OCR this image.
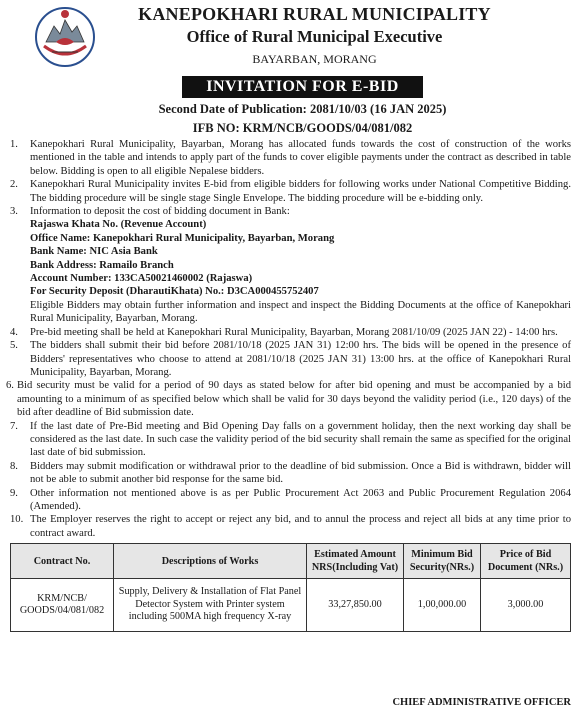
KANEPOKHARI RURAL MUNICIPALITY
Office of Rural Municipal Executive
BAYARBAN, MORANG
INVITATION FOR E-BID
Second Date of Publication: 2081/10/03 (16 JAN 2025)
IFB NO: KRM/NCB/GOODS/04/081/082
1.	Kanepokhari Rural Municipality, Bayarban, Morang has allocated funds towards the cost of construction of the works mentioned in the table and intends to apply part of the funds to cover eligible payments under the contract as described in table below. Bidding is open to all eligible Nepalese bidders.
2.	Kanepokhari Rural Municipality invites E-bid from eligible bidders for following works under National Competitive Bidding. The bidding procedure will be single stage Single Envelope. The bidding procedure will be e-bidding only.
3.	Information to deposit the cost of bidding document in Bank:
Rajaswa Khata No. (Revenue Account)
Office Name: Kanepokhari Rural Municipality, Bayarban, Morang
Bank Name: NIC Asia Bank
Bank Address: Ramailo Branch
Account Number: 133CA50021460002 (Rajaswa)
For Security Deposit (DharautiKhata) No.: D3CA000455752407
Eligible Bidders may obtain further information and inspect and inspect the Bidding Documents at the office of Kanepokhari Rural Municipality, Bayarban, Morang.
4.	Pre-bid meeting shall be held at Kanepokhari Rural Municipality, Bayarban, Morang 2081/10/09 (2025 JAN 22) - 14:00 hrs.
5.	The bidders shall submit their bid before 2081/10/18 (2025 JAN 31) 12:00 hrs. The bids will be opened in the presence of Bidders' representatives who choose to attend at 2081/10/18 (2025 JAN 31) 13:00 hrs. at the office of Kanepokhari Rural Municipality, Bayarban, Morang.
6. Bid security must be valid for a period of 90 days as stated below for after bid opening and must be accompanied by a bid amounting to a minimum of as specified below which shall be valid for 30 days beyond the validity period (i.e., 120 days) of the bid after deadline of Bid submission date.
7.	If the last date of Pre-Bid meeting and Bid Opening Day falls on a government holiday, then the next working day shall be considered as the last date. In such case the validity period of the bid security shall remain the same as specified for the original last date of bid submission.
8.	Bidders may submit modification or withdrawal prior to the deadline of bid submission. Once a Bid is withdrawn, bidder will not be able to submit another bid response for the same bid.
9.	Other information not mentioned above is as per Public Procurement Act 2063 and Public Procurement Regulation 2064 (Amended).
10. The Employer reserves the right to accept or reject any bid, and to annul the process and reject all bids at any time prior to contract award.
Contract No.	Descriptions of Works	Estimated Amount NRS(Including Vat)	Minimum Bid Security(NRs.)	Price of Bid Document (NRs.)
KRM/NCB/ GOODS/04/081/082	Supply, Delivery & Installation of Flat Panel Detector System with Printer system including 500MA high frequency X-ray	33,27,850.00	1,00,000.00	3,000.00
CHIEF ADMINISTRATIVE OFFICER
